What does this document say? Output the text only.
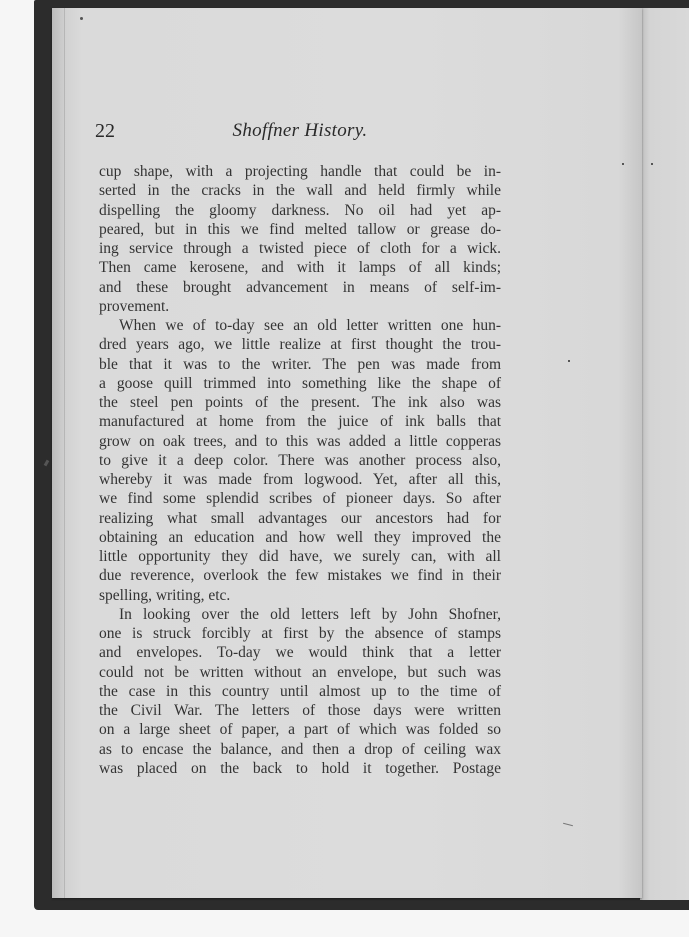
22	Shoffner History.
cup shape, with a projecting handle that could be in-
serted in the cracks in the wall and held firmly while
dispelling the gloomy darkness. No oil had yet ap-
peared, but in this we find melted tallow or grease do-
ing service through a twisted piece of cloth for a wick.
Then came kerosene, and with it lamps of all kinds;
and these brought advancement in means of self-im-
provement.
When we of to-day see an old letter written one hun-
dred years ago, we little realize at first thought the trou-
ble that it was to the writer. The pen was made from
a goose quill trimmed into something like the shape of
the steel pen points of the present. The ink also was
manufactured at home from the juice of ink balls that
grow on oak trees, and to this was added a little copperas
to give it a deep color. There was another process also,
whereby it was made from logwood. Yet, after all this,
we find some splendid scribes of pioneer days. So after
realizing what small advantages our ancestors had for
obtaining an education and how well they improved the
little opportunity they did have, we surely can, with all
due reverence, overlook the few mistakes we find in their
spelling, writing, etc.
In looking over the old letters left by John Shofner,
one is struck forcibly at first by the absence of stamps
and envelopes. To-day we would think that a letter
could not be written without an envelope, but such was
the case in this country until almost up to the time of
the Civil War. The letters of those days were written
on a large sheet of paper, a part of which was folded so
as to encase the balance, and then a drop of ceiling wax
was placed on the back to hold it together. Postage
